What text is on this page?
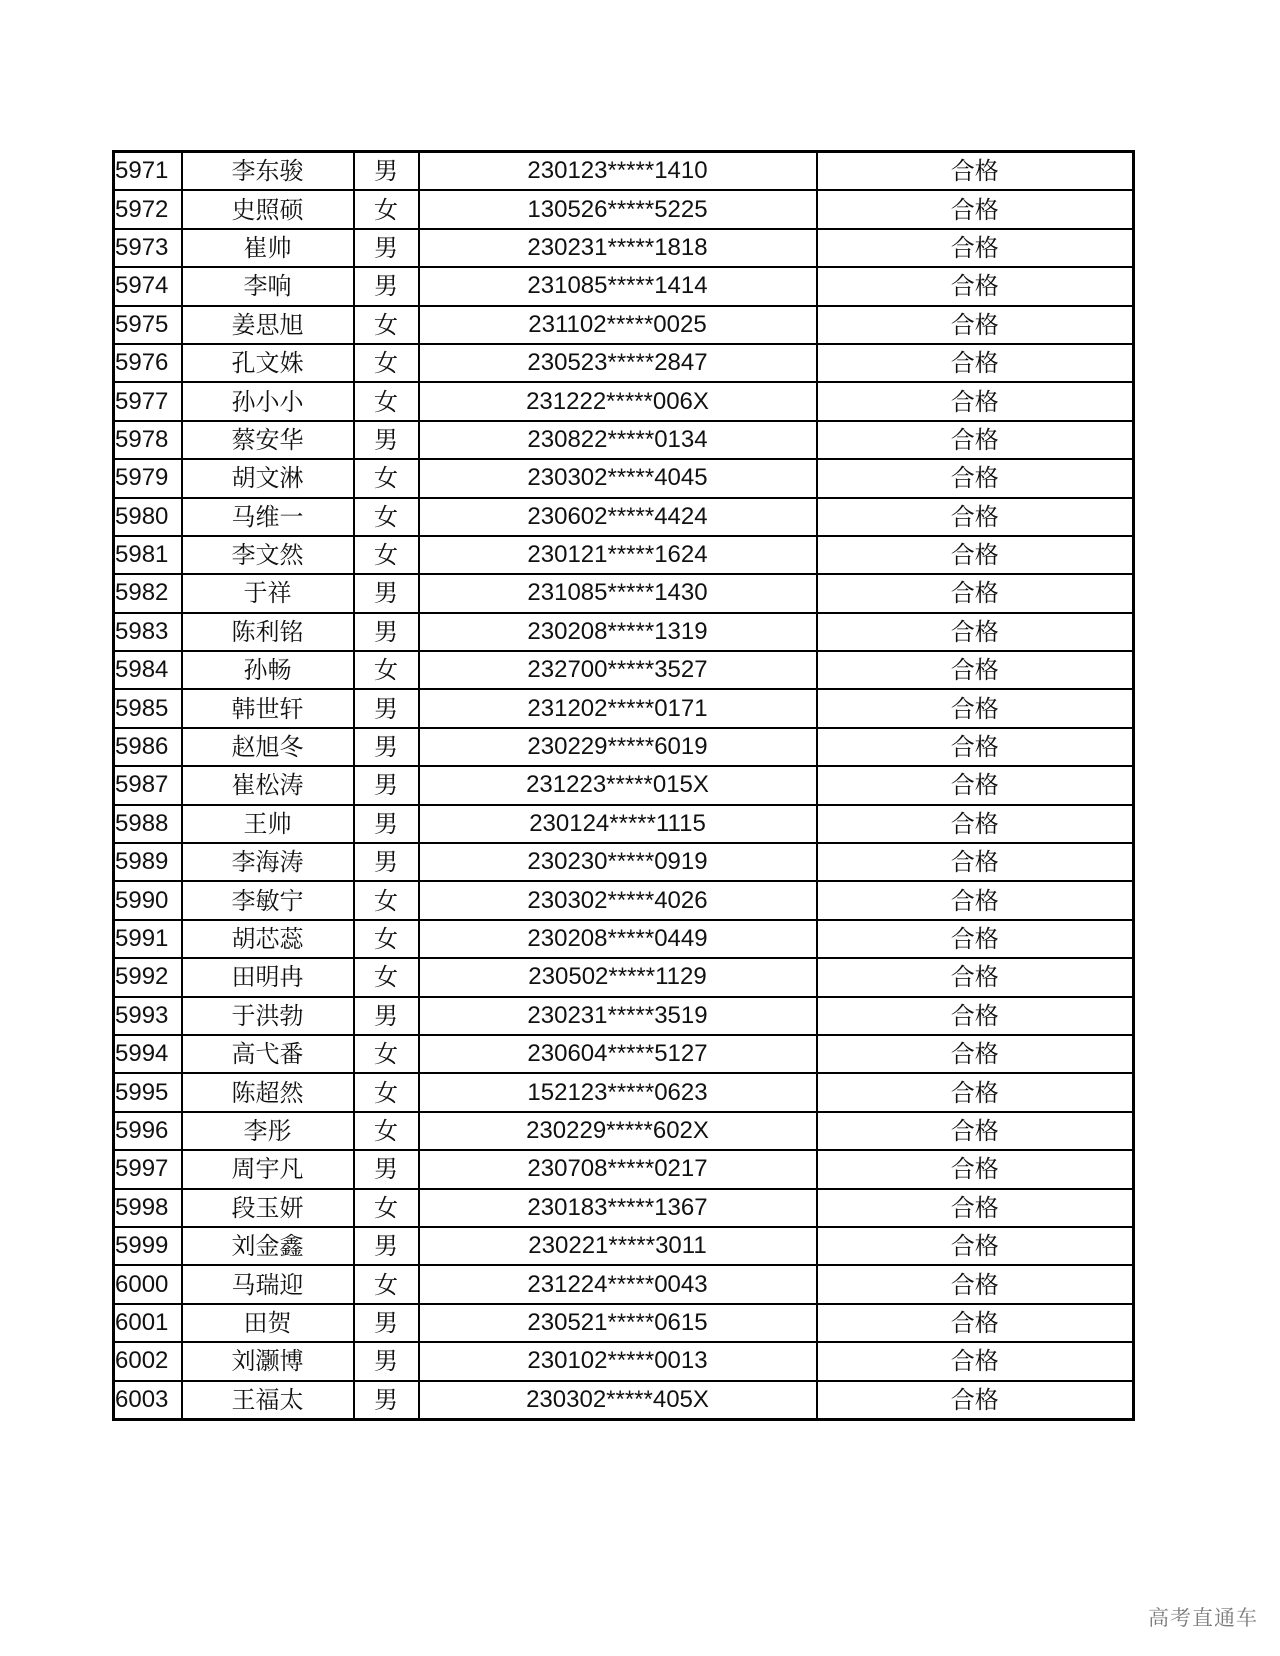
5971	李东骏	男	230123*****1410	合格
5972	史照硕	女	130526*****5225	合格
5973	崔帅	男	230231*****1818	合格
5974	李响	男	231085*****1414	合格
5975	姜思旭	女	231102*****0025	合格
5976	孔文姝	女	230523*****2847	合格
5977	孙小小	女	231222*****006X	合格
5978	蔡安华	男	230822*****0134	合格
5979	胡文淋	女	230302*****4045	合格
5980	马维一	女	230602*****4424	合格
5981	李文然	女	230121*****1624	合格
5982	于祥	男	231085*****1430	合格
5983	陈利铭	男	230208*****1319	合格
5984	孙畅	女	232700*****3527	合格
5985	韩世轩	男	231202*****0171	合格
5986	赵旭冬	男	230229*****6019	合格
5987	崔松涛	男	231223*****015X	合格
5988	王帅	男	230124*****1115	合格
5989	李海涛	男	230230*****0919	合格
5990	李敏宁	女	230302*****4026	合格
5991	胡芯蕊	女	230208*****0449	合格
5992	田明冉	女	230502*****1129	合格
5993	于洪勃	男	230231*****3519	合格
5994	高弋番	女	230604*****5127	合格
5995	陈超然	女	152123*****0623	合格
5996	李彤	女	230229*****602X	合格
5997	周宇凡	男	230708*****0217	合格
5998	段玉妍	女	230183*****1367	合格
5999	刘金鑫	男	230221*****3011	合格
6000	马瑞迎	女	231224*****0043	合格
6001	田贺	男	230521*****0615	合格
6002	刘灏博	男	230102*****0013	合格
6003	王福太	男	230302*****405X	合格
高考直通车
